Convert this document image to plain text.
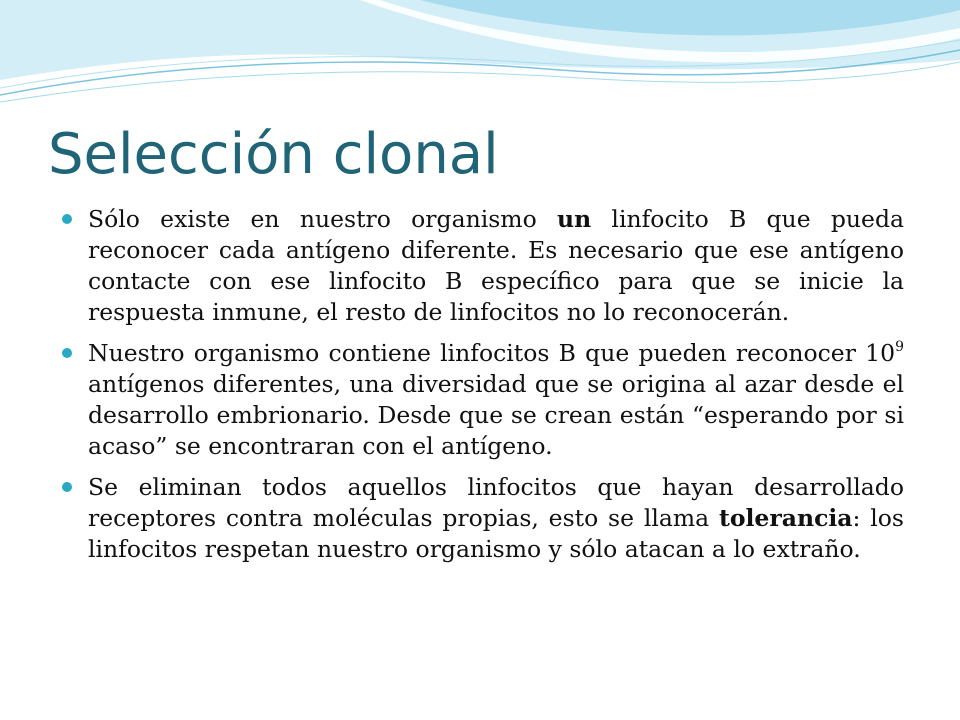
Selección clonal
Sólo existe en nuestro organismo un linfocito B que pueda reconocer cada antígeno diferente. Es necesario que ese antígeno contacte con ese linfocito B específico para que se inicie la respuesta inmune, el resto de linfocitos no lo reconocerán.
Nuestro organismo contiene linfocitos B que pueden reconocer $10^9$ antígenos diferentes, una diversidad que se origina al azar desde el desarrollo embrionario. Desde que se crean están “esperando por si acaso” se encontraran con el antígeno.
Se eliminan todos aquellos linfocitos que hayan desarrollado receptores contra moléculas propias, esto se llama tolerancia: los linfocitos respetan nuestro organismo y sólo atacan a lo extraño.
